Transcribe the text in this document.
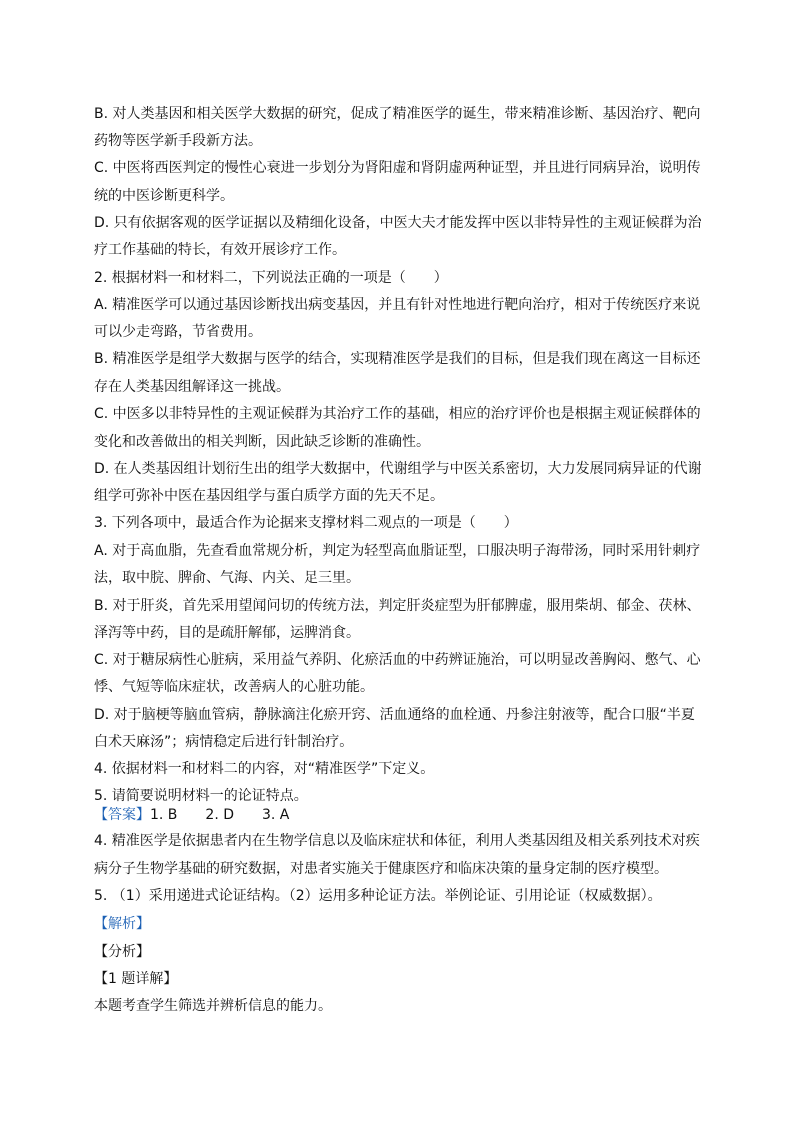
B. 对人类基因和相关医学大数据的研究，促成了精准医学的诞生，带来精准诊断、基因治疗、靶向
药物等医学新手段新方法。
C. 中医将西医判定的慢性心衰进一步划分为肾阳虚和肾阴虚两种证型，并且进行同病异治，说明传
统的中医诊断更科学。
D. 只有依据客观的医学证据以及精细化设备，中医大夫才能发挥中医以非特异性的主观证候群为治
疗工作基础的特长，有效开展诊疗工作。
2. 根据材料一和材料二，下列说法正确的一项是（　　）
A. 精准医学可以通过基因诊断找出病变基因，并且有针对性地进行靶向治疗，相对于传统医疗来说
可以少走弯路，节省费用。
B. 精准医学是组学大数据与医学的结合，实现精准医学是我们的目标，但是我们现在离这一目标还
存在人类基因组解译这一挑战。
C. 中医多以非特异性的主观证候群为其治疗工作的基础，相应的治疗评价也是根据主观证候群体的
变化和改善做出的相关判断，因此缺乏诊断的准确性。
D. 在人类基因组计划衍生出的组学大数据中，代谢组学与中医关系密切，大力发展同病异证的代谢
组学可弥补中医在基因组学与蛋白质学方面的先天不足。
3. 下列各项中，最适合作为论据来支撑材料二观点的一项是（　　）
A. 对于高血脂，先查看血常规分析，判定为轻型高血脂证型，口服决明子海带汤，同时采用针刺疗
法，取中脘、脾俞、气海、内关、足三里。
B. 对于肝炎，首先采用望闻问切的传统方法，判定肝炎症型为肝郁脾虚，服用柴胡、郁金、茯林、
泽泻等中药，目的是疏肝解郁，运脾消食。
C. 对于糖尿病性心脏病，采用益气养阴、化瘀活血的中药辨证施治，可以明显改善胸闷、憋气、心
悸、气短等临床症状，改善病人的心脏功能。
D. 对于脑梗等脑血管病，静脉滴注化瘀开窍、活血通络的血栓通、丹参注射液等，配合口服“半夏
白术天麻汤”；病情稳定后进行针制治疗。
4. 依据材料一和材料二的内容，对“精准医学”下定义。
5. 请简要说明材料一的论证特点。
【答案】1. B　　2. D　　3. A
4. 精准医学是依据患者内在生物学信息以及临床症状和体征，利用人类基因组及相关系列技术对疾
病分子生物学基础的研究数据，对患者实施关于健康医疗和临床决策的量身定制的医疗模型。
5. （1）采用递进式论证结构。（2）运用多种论证方法。举例论证、引用论证（权威数据）。
【解析】
【分析】
【1 题详解】
本题考查学生筛选并辨析信息的能力。
